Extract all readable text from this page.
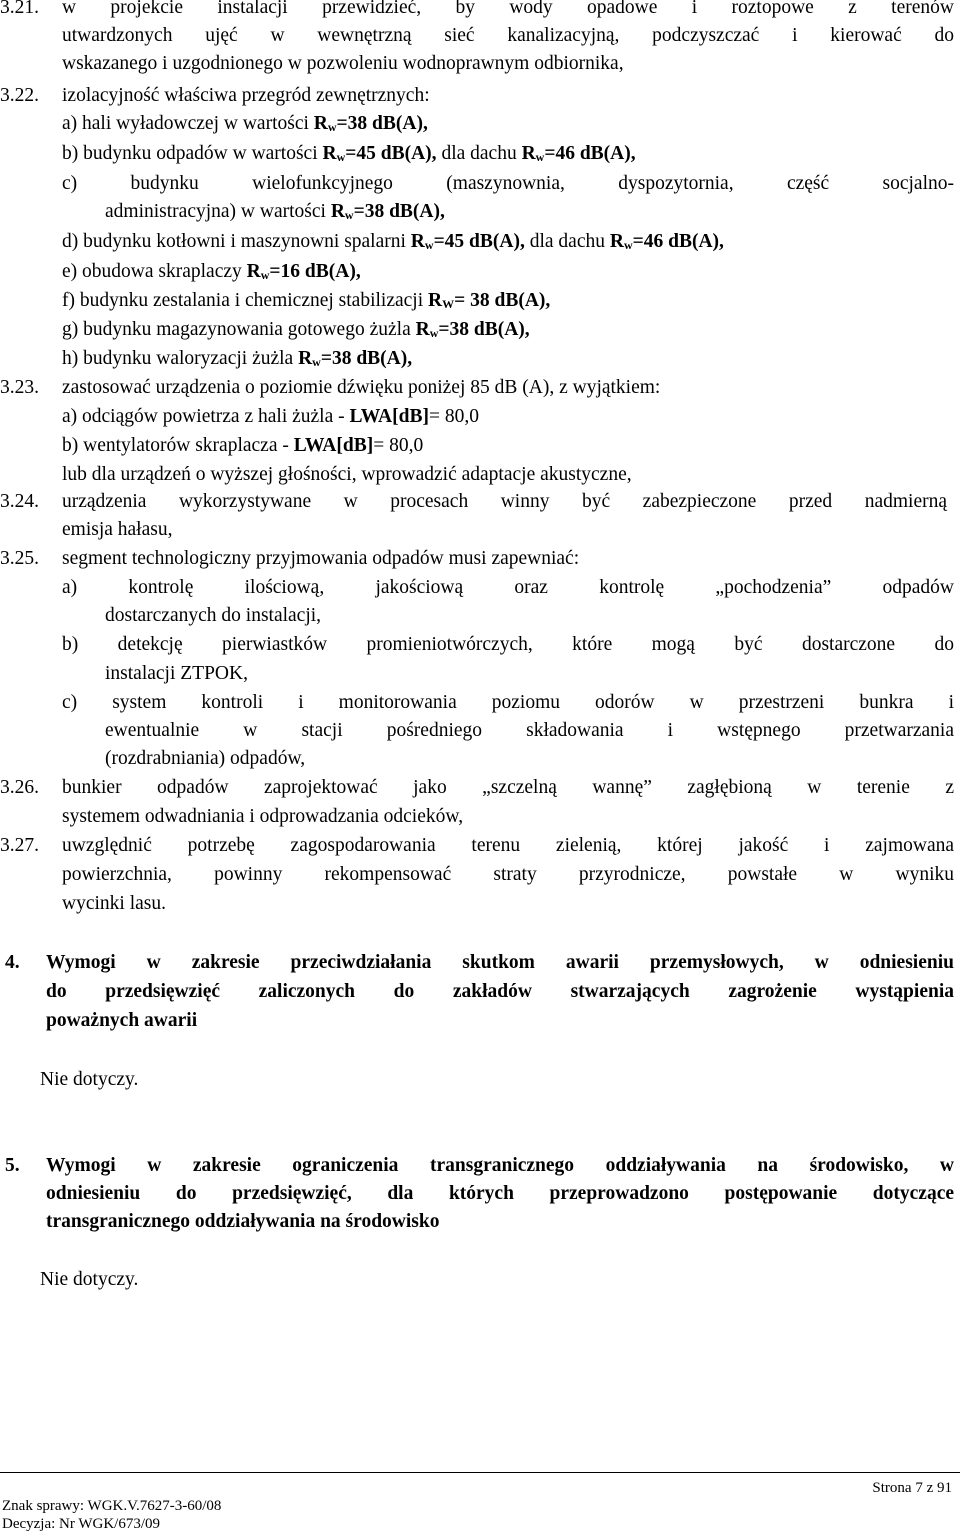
3.21. w projekcie instalacji przewidzieć, by wody opadowe i roztopowe z terenów
utwardzonych ujęć w wewnętrzną sieć kanalizacyjną, podczyszczać i kierować do
wskazanego i uzgodnionego w pozwoleniu wodnoprawnym odbiornika,
3.22. izolacyjność właściwa przegród zewnętrznych:
a) hali wyładowczej w wartości $R_w=38$ dB(A),
b) budynku odpadów w wartości $R_w=45$ dB(A), dla dachu $R_w=46$ dB(A),
c) budynku wielofunkcyjnego (maszynownia, dyspozytornia, część socjalno-
administracyjna) w wartości $R_w=38$ dB(A),
d) budynku kotłowni i maszynowni spalarni $R_w=45$ dB(A), dla dachu $R_w=46$ dB(A),
e) obudowa skraplaczy $R_w=16$ dB(A),
f) budynku zestalania i chemicznej stabilizacji $R_W= 38$ dB(A),
g) budynku magazynowania gotowego żużla $R_w=38$ dB(A),
h) budynku waloryzacji żużla $R_w=38$ dB(A),
3.23. zastosować urządzenia o poziomie dźwięku poniżej 85 dB (A), z wyjątkiem:
a) odciągów powietrza z hali żużla - LWA[dB]= 80,0
b) wentylatorów skraplacza - LWA[dB]= 80,0
lub dla urządzeń o wyższej głośności, wprowadzić adaptacje akustyczne,
3.24. urządzenia wykorzystywane w procesach winny być zabezpieczone przed nadmierną
emisja hałasu,
3.25. segment technologiczny przyjmowania odpadów musi zapewniać:
a) kontrolę ilościową, jakościową oraz kontrolę „pochodzenia” odpadów
dostarczanych do instalacji,
b) detekcję pierwiastków promieniotwórczych, które mogą być dostarczone do
instalacji ZTPOK,
c) system kontroli i monitorowania poziomu odorów w przestrzeni bunkra i
ewentualnie w stacji pośredniego składowania i wstępnego przetwarzania
(rozdrabniania) odpadów,
3.26. bunkier odpadów zaprojektować jako „szczelną wannę” zagłębioną w terenie z
systemem odwadniania i odprowadzania odcieków,
3.27. uwzględnić potrzebę zagospodarowania terenu zielenią, której jakość i zajmowana
powierzchnia, powinny rekompensować straty przyrodnicze, powstałe w wyniku
wycinki lasu.
4. Wymogi w zakresie przeciwdziałania skutkom awarii przemysłowych, w odniesieniu
do przedsięwzięć zaliczonych do zakładów stwarzających zagrożenie wystąpienia
poważnych awarii
Nie dotyczy.
5. Wymogi w zakresie ograniczenia transgranicznego oddziaływania na środowisko, w
odniesieniu do przedsięwzięć, dla których przeprowadzono postępowanie dotyczące
transgranicznego oddziaływania na środowisko
Nie dotyczy.
Strona 7 z 91
Znak sprawy: WGK.V.7627-3-60/08
Decyzja: Nr WGK/673/09
